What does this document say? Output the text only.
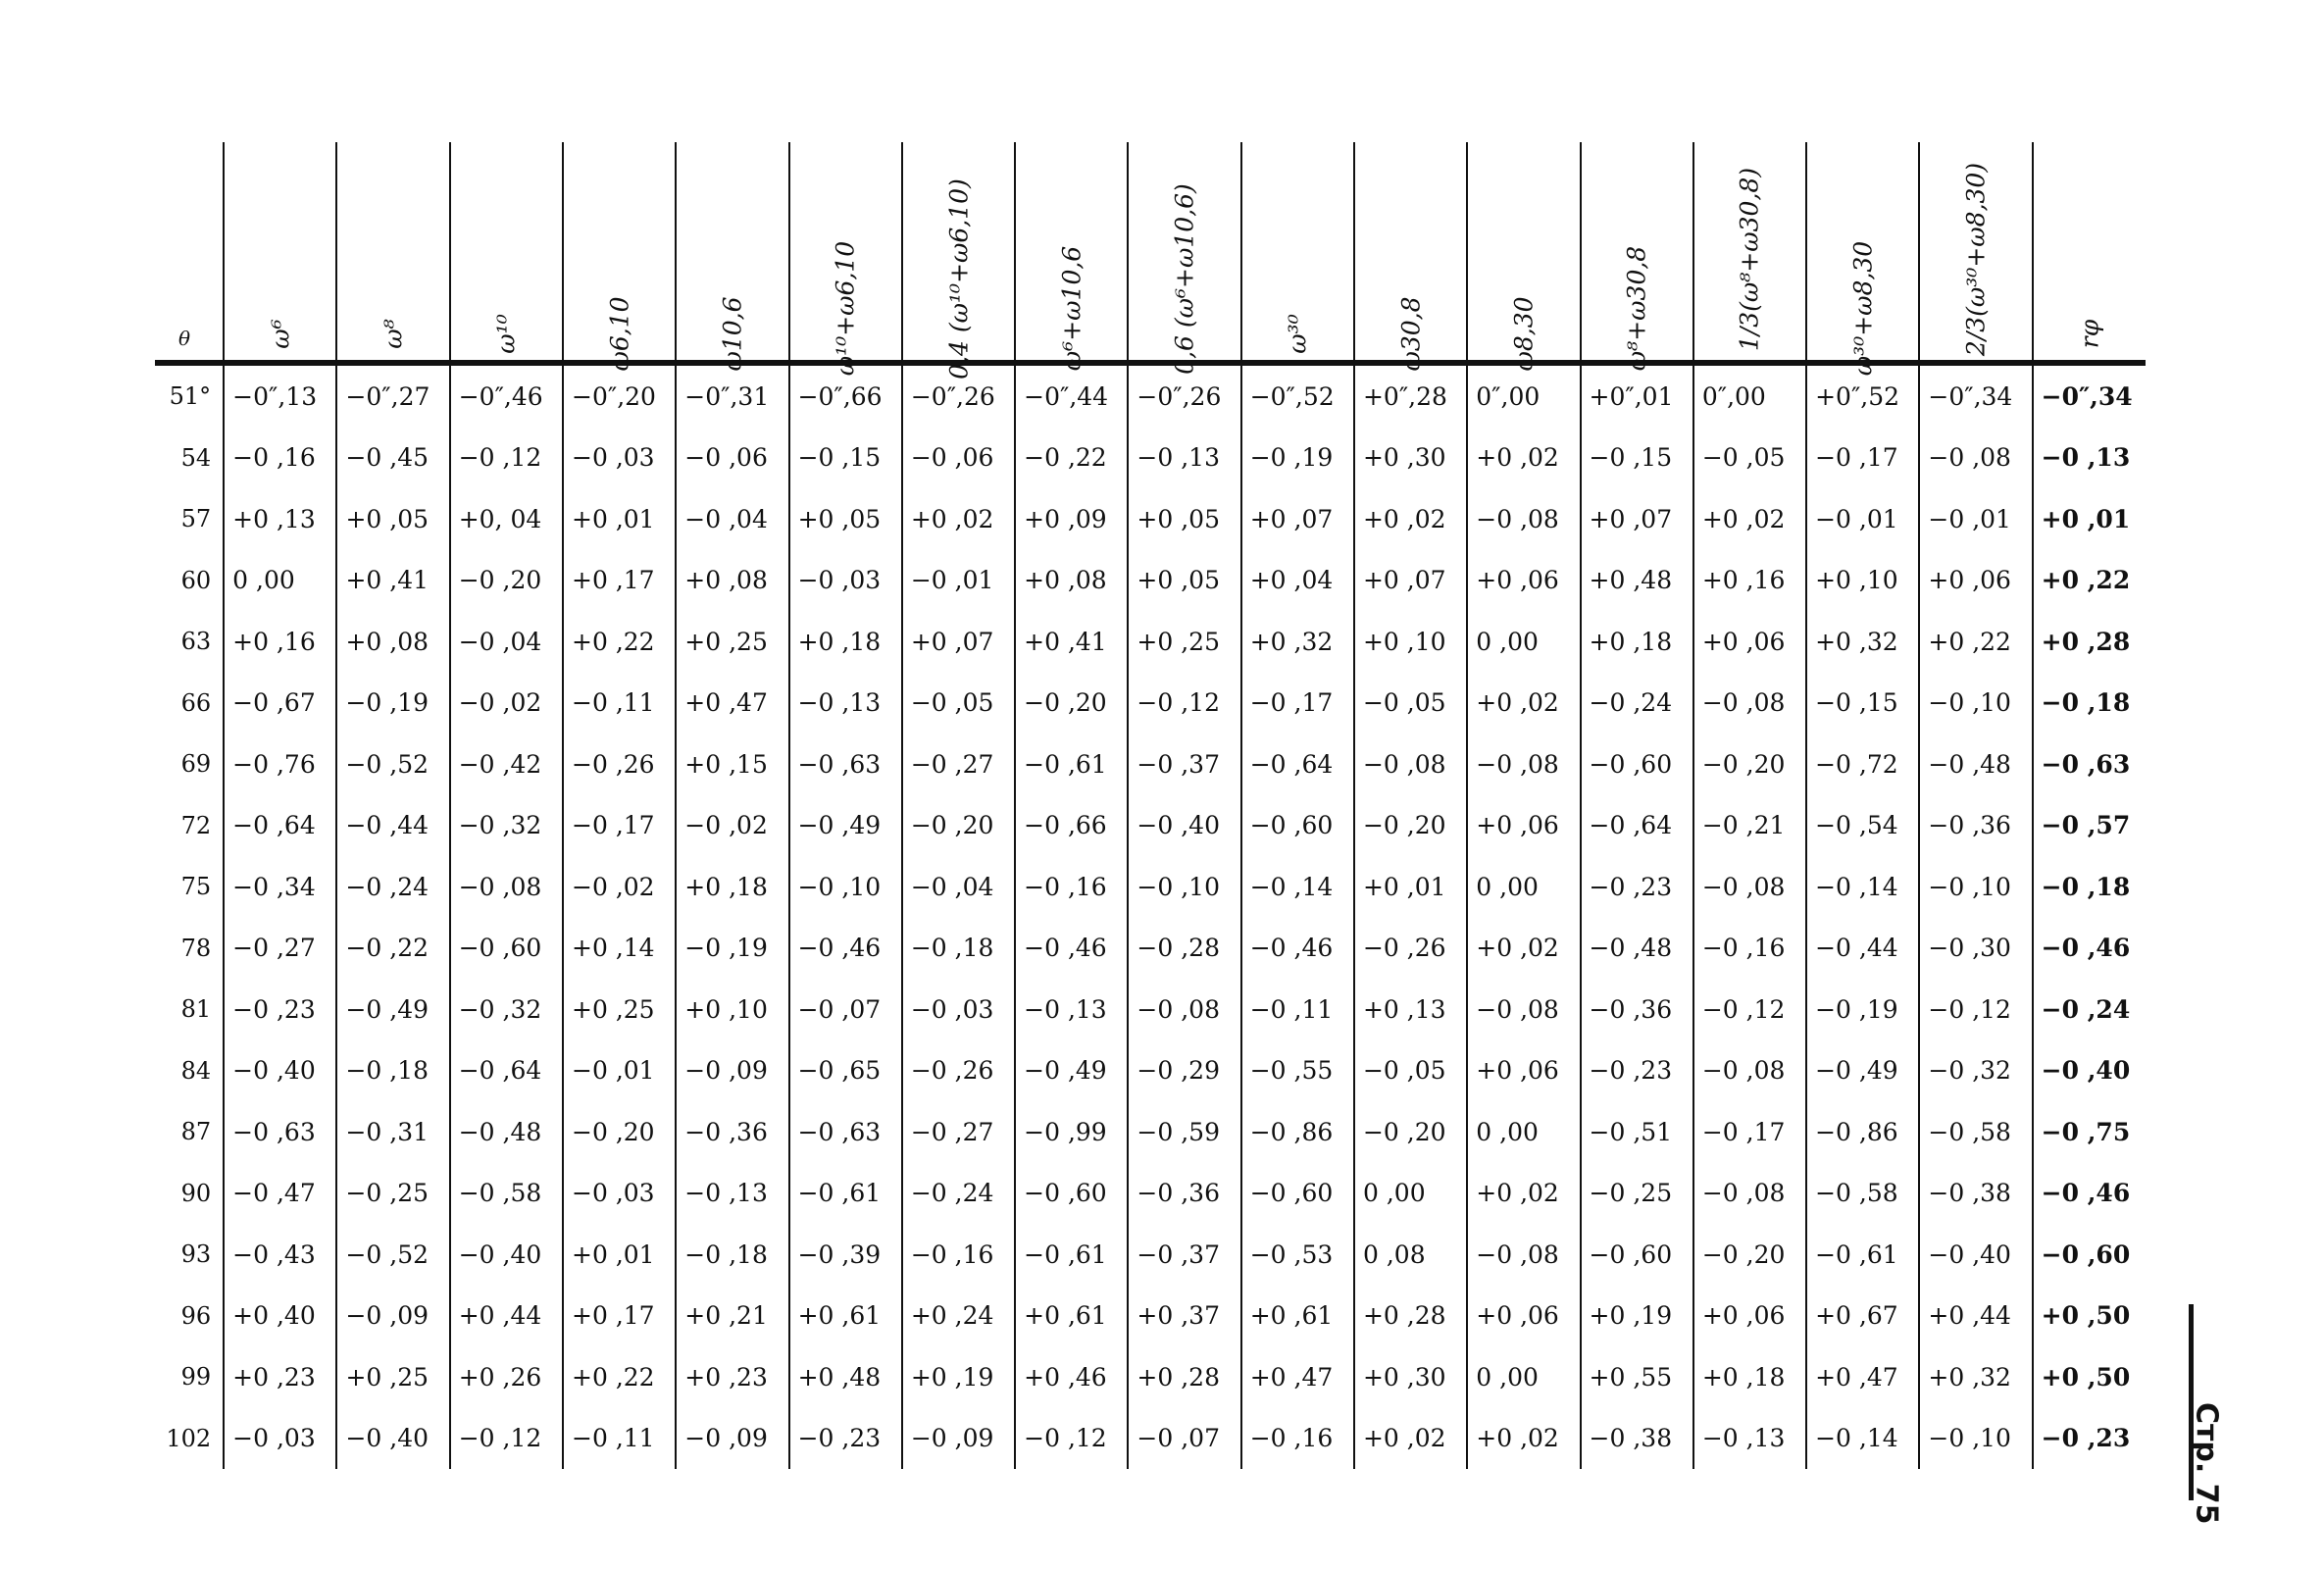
θ	ω⁶	ω⁸	ω¹⁰	ω6,10	ω10,6	ω¹⁰+ω6,10	0,4 (ω¹⁰+ω6,10)	ω⁶+ω10,6	0,6 (ω⁶+ω10,6)	ω³⁰	ω30,8	ω8,30	ω⁸+ω30,8	1/3(ω⁸+ω30,8)	ω³⁰+ω8,30	2/3(ω³⁰+ω8,30)	rφ

51°	−0″,13	−0″,27	−0″,46	−0″,20	−0″,31	−0″,66	−0″,26	−0″,44	−0″,26	−0″,52	+0″,28	0″,00	+0″,01	0″,00	+0″,52	−0″,34	−0″,34
54	−0 ,16	−0 ,45	−0 ,12	−0 ,03	−0 ,06	−0 ,15	−0 ,06	−0 ,22	−0 ,13	−0 ,19	+0 ,30	+0 ,02	−0 ,15	−0 ,05	−0 ,17	−0 ,08	−0 ,13
57	+0 ,13	+0 ,05	+0, 04	+0 ,01	−0 ,04	+0 ,05	+0 ,02	+0 ,09	+0 ,05	+0 ,07	+0 ,02	−0 ,08	+0 ,07	+0 ,02	−0 ,01	−0 ,01	+0 ,01
60	0 ,00	+0 ,41	−0 ,20	+0 ,17	+0 ,08	−0 ,03	−0 ,01	+0 ,08	+0 ,05	+0 ,04	+0 ,07	+0 ,06	+0 ,48	+0 ,16	+0 ,10	+0 ,06	+0 ,22
63	+0 ,16	+0 ,08	−0 ,04	+0 ,22	+0 ,25	+0 ,18	+0 ,07	+0 ,41	+0 ,25	+0 ,32	+0 ,10	0 ,00	+0 ,18	+0 ,06	+0 ,32	+0 ,22	+0 ,28
66	−0 ,67	−0 ,19	−0 ,02	−0 ,11	+0 ,47	−0 ,13	−0 ,05	−0 ,20	−0 ,12	−0 ,17	−0 ,05	+0 ,02	−0 ,24	−0 ,08	−0 ,15	−0 ,10	−0 ,18
69	−0 ,76	−0 ,52	−0 ,42	−0 ,26	+0 ,15	−0 ,63	−0 ,27	−0 ,61	−0 ,37	−0 ,64	−0 ,08	−0 ,08	−0 ,60	−0 ,20	−0 ,72	−0 ,48	−0 ,63
72	−0 ,64	−0 ,44	−0 ,32	−0 ,17	−0 ,02	−0 ,49	−0 ,20	−0 ,66	−0 ,40	−0 ,60	−0 ,20	+0 ,06	−0 ,64	−0 ,21	−0 ,54	−0 ,36	−0 ,57
75	−0 ,34	−0 ,24	−0 ,08	−0 ,02	+0 ,18	−0 ,10	−0 ,04	−0 ,16	−0 ,10	−0 ,14	+0 ,01	0 ,00	−0 ,23	−0 ,08	−0 ,14	−0 ,10	−0 ,18
78	−0 ,27	−0 ,22	−0 ,60	+0 ,14	−0 ,19	−0 ,46	−0 ,18	−0 ,46	−0 ,28	−0 ,46	−0 ,26	+0 ,02	−0 ,48	−0 ,16	−0 ,44	−0 ,30	−0 ,46
81	−0 ,23	−0 ,49	−0 ,32	+0 ,25	+0 ,10	−0 ,07	−0 ,03	−0 ,13	−0 ,08	−0 ,11	+0 ,13	−0 ,08	−0 ,36	−0 ,12	−0 ,19	−0 ,12	−0 ,24
84	−0 ,40	−0 ,18	−0 ,64	−0 ,01	−0 ,09	−0 ,65	−0 ,26	−0 ,49	−0 ,29	−0 ,55	−0 ,05	+0 ,06	−0 ,23	−0 ,08	−0 ,49	−0 ,32	−0 ,40
87	−0 ,63	−0 ,31	−0 ,48	−0 ,20	−0 ,36	−0 ,63	−0 ,27	−0 ,99	−0 ,59	−0 ,86	−0 ,20	0 ,00	−0 ,51	−0 ,17	−0 ,86	−0 ,58	−0 ,75
90	−0 ,47	−0 ,25	−0 ,58	−0 ,03	−0 ,13	−0 ,61	−0 ,24	−0 ,60	−0 ,36	−0 ,60	0 ,00	+0 ,02	−0 ,25	−0 ,08	−0 ,58	−0 ,38	−0 ,46
93	−0 ,43	−0 ,52	−0 ,40	+0 ,01	−0 ,18	−0 ,39	−0 ,16	−0 ,61	−0 ,37	−0 ,53	0 ,08	−0 ,08	−0 ,60	−0 ,20	−0 ,61	−0 ,40	−0 ,60
96	+0 ,40	−0 ,09	+0 ,44	+0 ,17	+0 ,21	+0 ,61	+0 ,24	+0 ,61	+0 ,37	+0 ,61	+0 ,28	+0 ,06	+0 ,19	+0 ,06	+0 ,67	+0 ,44	+0 ,50
99	+0 ,23	+0 ,25	+0 ,26	+0 ,22	+0 ,23	+0 ,48	+0 ,19	+0 ,46	+0 ,28	+0 ,47	+0 ,30	0 ,00	+0 ,55	+0 ,18	+0 ,47	+0 ,32	+0 ,50
102	−0 ,03	−0 ,40	−0 ,12	−0 ,11	−0 ,09	−0 ,23	−0 ,09	−0 ,12	−0 ,07	−0 ,16	+0 ,02	+0 ,02	−0 ,38	−0 ,13	−0 ,14	−0 ,10	−0 ,23 Стр. 75
